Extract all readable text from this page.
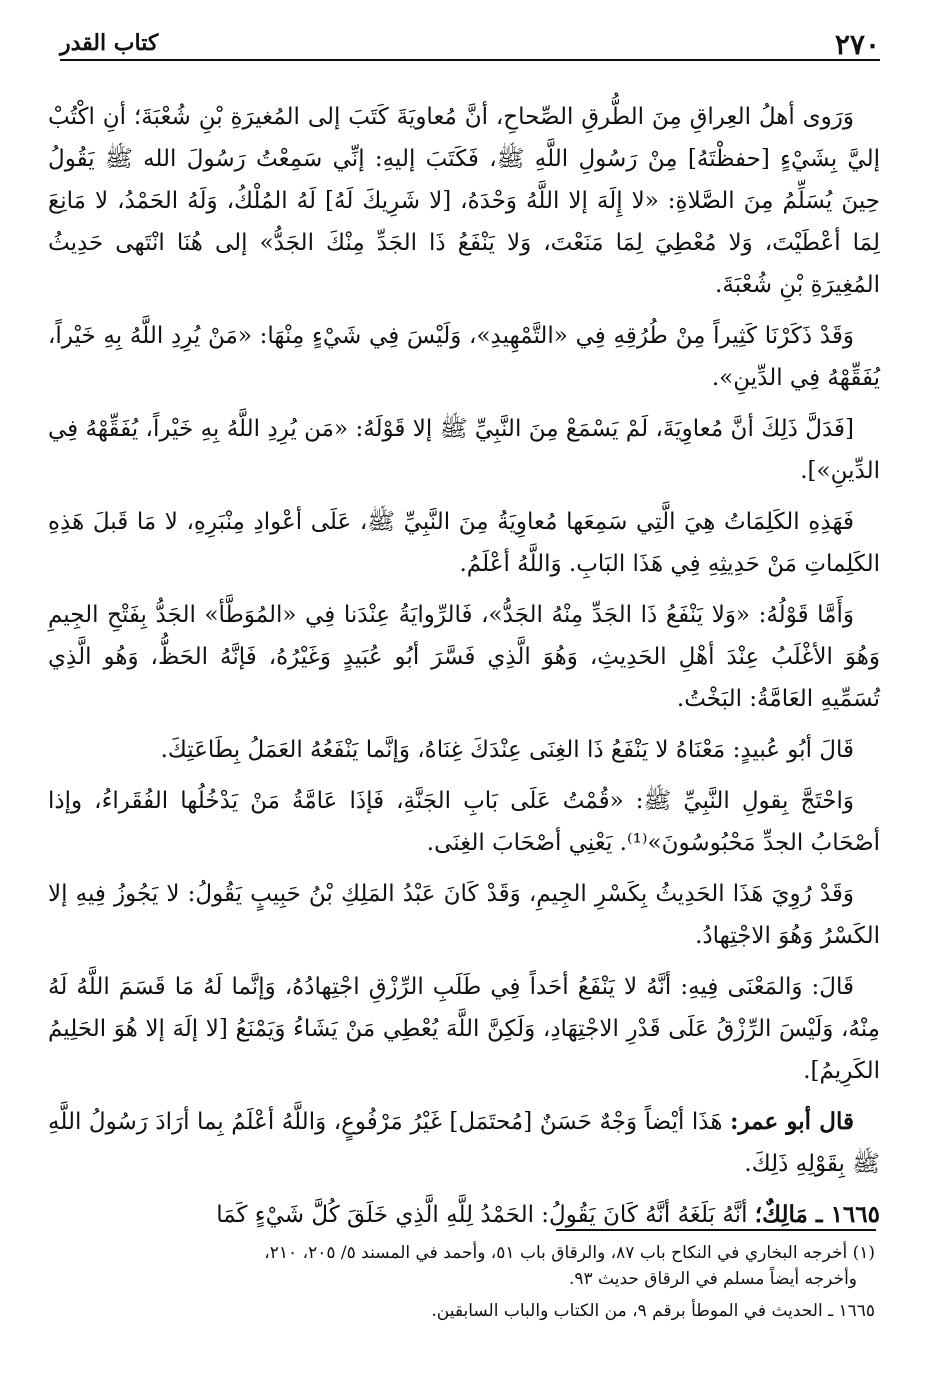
٢٧٠
كتاب القدر

وَرَوى أهلُ العِراقِ مِنَ الطُّرقِ الصِّحاحِ، أنَّ مُعاويَةَ كَتَبَ إلى المُغيرَةِ بْنِ شُعْبَةَ؛ أنِ اكْتُبْ إليَّ بِشَيْءٍ [حفظْتَهُ] مِنْ رَسُولِ اللَّهِ ﷺ، فَكَتَبَ إليهِ: إنِّي سَمِعْتُ رَسُولَ الله ﷺ يَقُولُ حِينَ يُسَلِّمُ مِنَ الصَّلاةِ: «لا إِلَهَ إلا اللَّهُ وَحْدَهُ، [لا شَرِيكَ لَهُ] لَهُ المُلْكُ، وَلَهُ الحَمْدُ، لا مَانِعَ لِمَا أعْطَيْتَ، وَلا مُعْطِيَ لِمَا مَنَعْتَ، وَلا يَنْفَعُ ذَا الجَدِّ مِنْكَ الجَدُّ» إلى هُنَا انْتَهى حَدِيثُ المُغِيرَةِ بْنِ شُعْبَةَ.

وَقَدْ ذَكَرْنَا كَثِيراً مِنْ طُرُقِهِ فِي «التَّمْهِيدِ»، وَلَيْسَ فِي شَيْءٍ مِنْهَا: «مَنْ يُرِدِ اللَّهُ بِهِ خَيْراً، يُفَقِّهْهُ فِي الدِّينِ».

[فَدَلَّ ذَلِكَ أنَّ مُعاوِيَةَ، لَمْ يَسْمَعْ مِنَ النَّبِيِّ ﷺ إلا قَوْلَهُ: «مَن يُرِدِ اللَّهُ بِهِ خَيْراً، يُفَقِّهْهُ فِي الدِّينِ»].

فَهَذِهِ الكَلِمَاتُ هِيَ الَّتِي سَمِعَها مُعاوِيَةُ مِنَ النَّبِيِّ ﷺ، عَلَى أعْوادِ مِنْبَرِهِ، لا مَا قَبلَ هَذِهِ الكَلِماتِ مَنْ حَدِيثِهِ فِي هَذَا البَابِ. وَاللَّهُ أعْلَمُ.

وَأَمَّا قَوْلُهُ: «وَلا يَنْفَعُ ذَا الجَدِّ مِنْهُ الجَدُّ»، فَالرِّوايَةُ عِنْدَنا فِي «المُوَطَّأ» الجَدُّ بِفَتْحِ الجِيمِ وَهُوَ الأغْلَبُ عِنْدَ أهْلِ الحَدِيثِ، وَهُوَ الَّذِي فَسَّرَ أبُو عُبَيدٍ وَغَيْرُهُ، فَإنَّهُ الحَظُّ، وَهُو الَّذِي تُسَمِّيهِ العَامَّةُ: البَخْتُ.

قَالَ أبُو عُبيدٍ: مَعْنَاهُ لا يَنْفَعُ ذَا الغِنَى عِنْدَكَ غِنَاهُ، وَإنَّما يَنْفَعُهُ العَمَلُ بِطَاعَتِكَ.

وَاحْتَجَّ بِقولِ النَّبِيِّ ﷺ: «قُمْتُ عَلَى بَابِ الجَنَّةِ، فَإذَا عَامَّةُ مَنْ يَدْخُلُها الفُقَراءُ، وإذا أصْحَابُ الجدِّ مَحْبُوسُونَ»⁽¹⁾. يَعْنِي أصْحَابَ الغِنَى.

وَقَدْ رُوِيَ هَذَا الحَدِيثُ بِكَسْرِ الجِيمِ، وَقَدْ كَانَ عَبْدُ المَلِكِ بْنُ حَبِيبٍ يَقُولُ: لا يَجُوزُ فِيهِ إلا الكَسْرُ وَهُوَ الاجْتِهادُ.

قَالَ: وَالمَعْنَى فِيهِ: أنَّهُ لا يَنْفَعُ أحَداً فِي طَلَبِ الرِّزْقِ اجْتِهادُهُ، وَإنَّما لَهُ مَا قَسَمَ اللَّهُ لَهُ مِنْهُ، وَلَيْسَ الرِّزْقُ عَلَى قَدْرِ الاجْتِهَادِ، وَلَكِنَّ اللَّهَ يُعْطِي مَنْ يَشَاءُ وَيَمْنَعُ [لا إلَهَ إلا هُوَ الحَلِيمُ الكَرِيمُ].

قال أبو عمر: هَذَا أيْضاً وَجْهٌ حَسَنٌ [مُحتَمَل] غَيْرُ مَرْفُوعٍ، وَاللَّهُ أعْلَمُ بِما أرَادَ رَسُولُ اللَّهِ ﷺ بِقَوْلِهِ ذَلِكَ.

١٦٦٥ ـ مَالِكٌ؛ أنَّهُ بَلَغَهُ أنَّهُ كَانَ يَقُولُ: الحَمْدُ لِلَّهِ الَّذِي خَلَقَ كُلَّ شَيْءٍ كَمَا

(١) أخرجه البخاري في النكاح باب ٨٧، والرقاق باب ٥١، وأحمد في المسند ٥/ ٢٠٥، ٢١٠،

وأخرجه أيضاً مسلم في الرقاق حديث ٩٣.

١٦٦٥ ـ الحديث في الموطأ برقم ٩، من الكتاب والباب السابقين.
